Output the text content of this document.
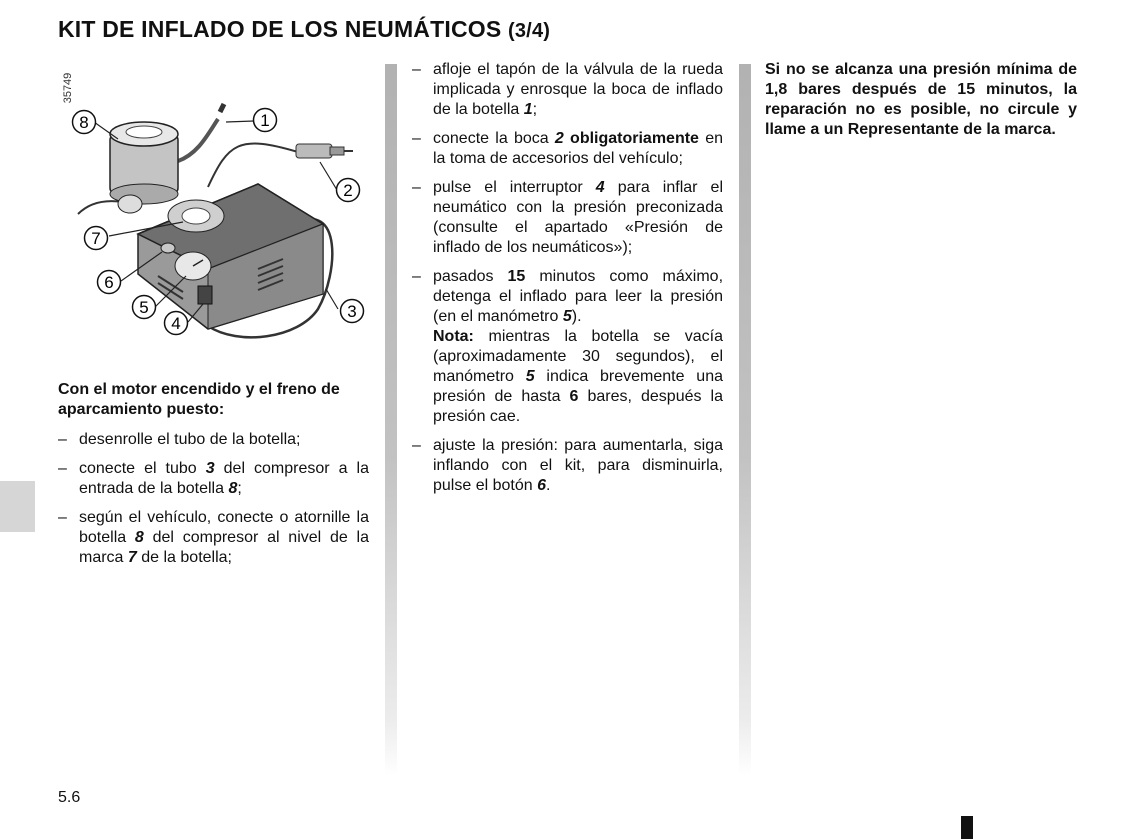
KIT DE INFLADO DE LOS NEUMÁTICOS (3/4)
35749
1
2
3
4
5
6
7
8

Con el motor encendido y el freno de aparcamiento puesto:

– desenrolle el tubo de la botella;
– conecte el tubo 3 del compresor a la entrada de la botella 8;
– según el vehículo, conecte o atornille la botella 8 del compresor al nivel de la marca 7 de la botella;
– afloje el tapón de la válvula de la rueda implicada y enrosque la boca de inflado de la botella 1;
– conecte la boca 2 obligatoriamente en la toma de accesorios del vehículo;
– pulse el interruptor 4 para inflar el neumático con la presión preconizada (consulte el apartado «Presión de inflado de los neumáticos»);
– pasados 15 minutos como máximo, detenga el inflado para leer la presión (en el manómetro 5).
Nota: mientras la botella se vacía (aproximadamente 30 segundos), el manómetro 5 indica brevemente una presión de hasta 6 bares, después la presión cae.
– ajuste la presión: para aumentarla, siga inflando con el kit, para disminuirla, pulse el botón 6.

Si no se alcanza una presión mínima de 1,8 bares después de 15 minutos, la reparación no es posible, no circule y llame a un Representante de la marca.

5.6
